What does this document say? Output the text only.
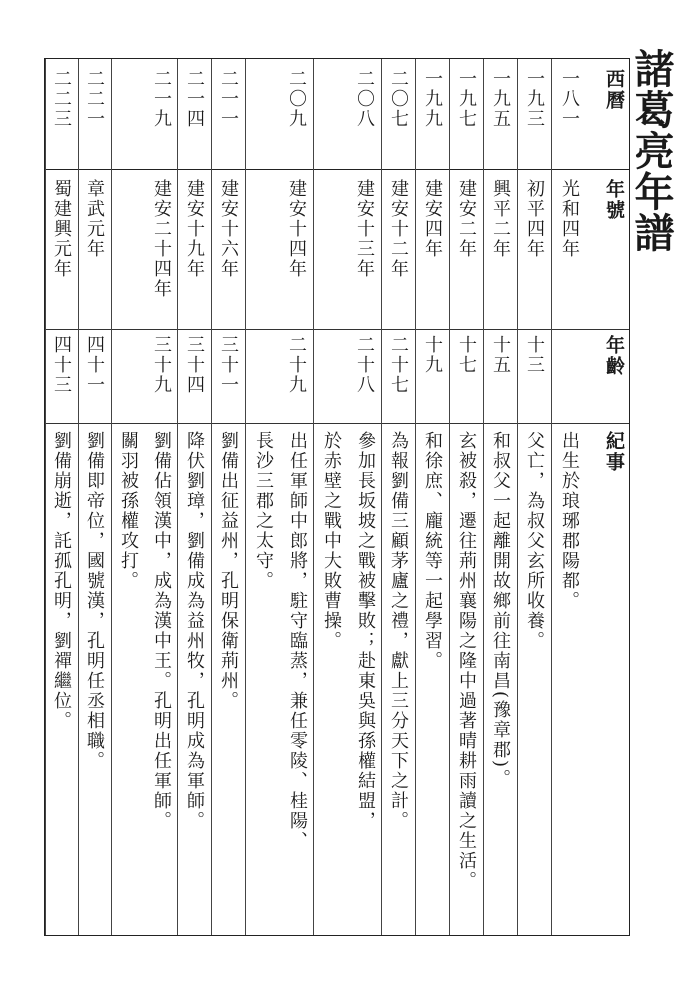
諸葛亮年譜
西曆
年號
年齡
紀事
一八一
光和四年
出生於琅琊郡陽都。
一九三
初平四年
十三
父亡，為叔父玄所收養。
一九五
興平二年
十五
和叔父一起離開故鄉前往南昌(豫章郡)。
一九七
建安二年
十七
玄被殺，遷往荊州襄陽之隆中過著晴耕雨讀之生活。
一九九
建安四年
十九
和徐庶、龐統等一起學習。
二〇七
建安十二年
二十七
為報劉備三顧茅廬之禮，獻上三分天下之計。
二〇八
建安十三年
二十八
參加長坂坡之戰被擊敗；赴東吳與孫權結盟，
於赤壁之戰中大敗曹操。
二〇九
建安十四年
二十九
出任軍師中郎將，駐守臨蒸，兼任零陵、桂陽、
長沙三郡之太守。
二一一
建安十六年
三十一
劉備出征益州，孔明保衛荊州。
二一四
建安十九年
三十四
降伏劉璋，劉備成為益州牧，孔明成為軍師。
二一九
建安二十四年
三十九
劉備佔領漢中，成為漢中王。孔明出任軍師。
關羽被孫權攻打。
二二一
章武元年
四十一
劉備即帝位，國號漢，孔明任丞相職。
二二三
蜀建興元年
四十三
劉備崩逝，託孤孔明，劉禪繼位。
